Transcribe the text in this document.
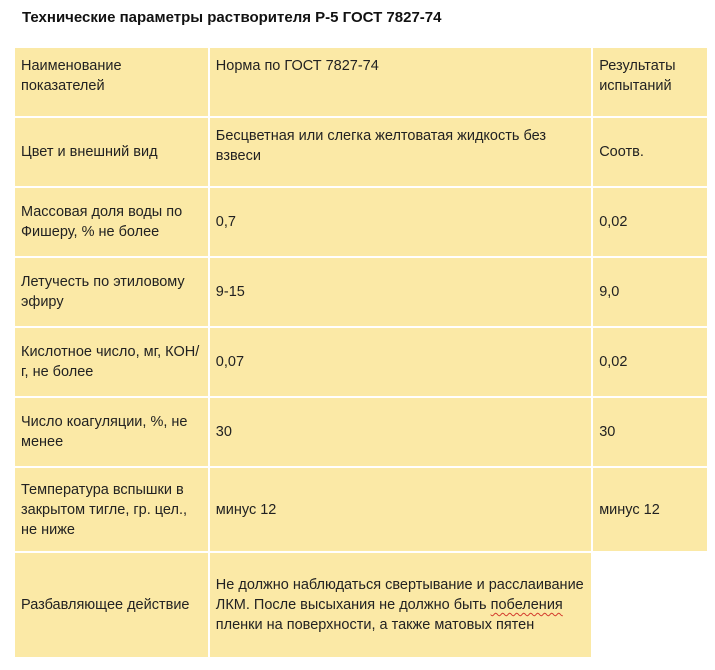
Технические параметры растворителя Р-5 ГОСТ 7827-74
Наименование показателей	Норма по ГОСТ 7827-74	Результаты испытаний
Цвет и внешний вид	Бесцветная или слегка желтоватая жидкость без взвеси	Соотв.
Массовая доля воды по Фишеру, % не более	0,7	0,02
Летучесть по этиловому эфиру	9-15	9,0
Кислотное число, мг, КОН/г, не более	0,07	0,02
Число коагуляции, %, не менее	30	30
Температура вспышки в закрытом тигле, гр. цел., не ниже	минус 12	минус 12
Разбавляющее действие	Не должно наблюдаться свертывание и расслаивание ЛКМ. После высыхания не должно быть побеления пленки на поверхности, а также матовых пятен	
